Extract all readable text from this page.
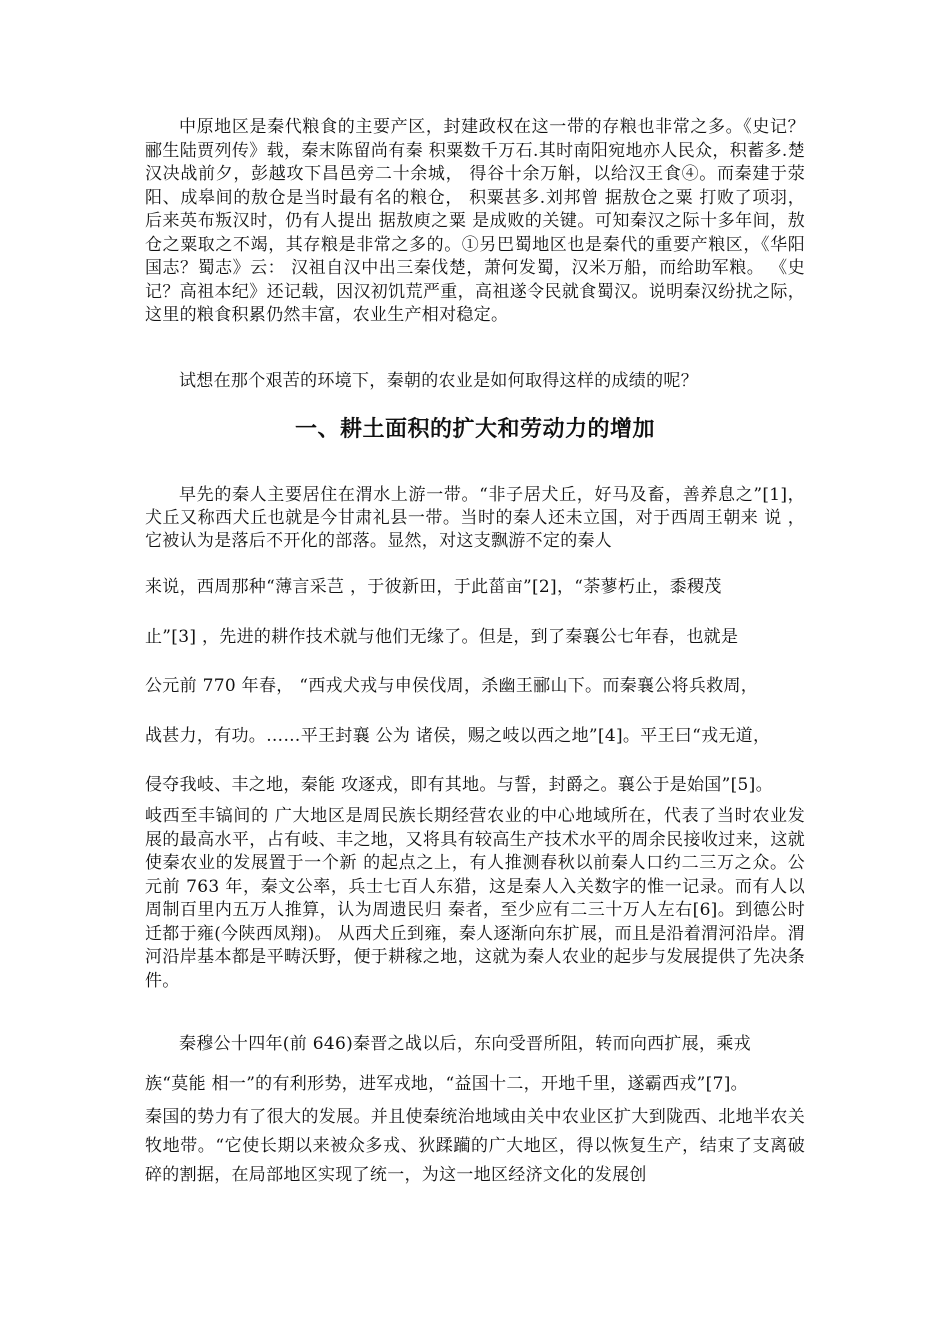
中原地区是秦代粮食的主要产区，封建政权在这一带的存粮也非常之多。《史记？郦生陆贾列传》载，秦末陈留尚有秦 积粟数千万石.其时南阳宛地亦人民众，积蓄多.楚汉决战前夕，彭越攻下昌邑旁二十余城， 得谷十余万斛，以给汉王食④。而秦建于荥阳、成皋间的敖仓是当时最有名的粮仓， 积粟甚多.刘邦曾 据敖仓之粟 打败了项羽，后来英布叛汉时，仍有人提出 据敖庾之粟 是成败的关键。可知秦汉之际十多年间，敖仓之粟取之不竭，其存粮是非常之多的。①另巴蜀地区也是秦代的重要产粮区，《华阳国志？蜀志》云： 汉祖自汉中出三秦伐楚，萧何发蜀，汉米万船，而给助军粮。 《史记？高祖本纪》还记载，因汉初饥荒严重，高祖遂令民就食蜀汉。说明秦汉纷扰之际，这里的粮食积累仍然丰富，农业生产相对稳定。

试想在那个艰苦的环境下，秦朝的农业是如何取得这样的成绩的呢？

一、耕土面积的扩大和劳动力的增加

早先的秦人主要居住在渭水上游一带。“非子居犬丘，好马及畜，善养息之”[1]，犬丘又称西犬丘也就是今甘肃礼县一带。当时的秦人还未立国，对于西周王朝来 说 ，它被认为是落后不开化的部落。显然，对这支飘游不定的秦人

来说，西周那种“薄言采芑 ，于彼新田，于此菑亩”[2]，“荼蓼朽止，黍稷茂
止”[3] ，先进的耕作技术就与他们无缘了。但是，到了秦襄公七年春，也就是
公元前 770 年春， “西戎犬戎与申侯伐周，杀幽王郦山下。而秦襄公将兵救周，
战甚力，有功。……平王封襄 公为 诸侯，赐之岐以西之地”[4]。平王曰“戎无道，
侵夺我岐、丰之地，秦能 攻逐戎，即有其地。与誓，封爵之。襄公于是始国”[5]。

岐西至丰镐间的 广大地区是周民族长期经营农业的中心地域所在，代表了当时农业发展的最高水平，占有岐、丰之地，又将具有较高生产技术水平的周余民接收过来，这就使秦农业的发展置于一个新 的起点之上，有人推测春秋以前秦人口约二三万之众。公元前 763 年，秦文公率，兵士七百人东猎，这是秦人入关数字的惟一记录。而有人以周制百里内五万人推算，认为周遗民归 秦者，至少应有二三十万人左右[6]。到德公时迁都于雍(今陕西凤翔)。 从西犬丘到雍，秦人逐渐向东扩展，而且是沿着渭河沿岸。渭河沿岸基本都是平畴沃野，便于耕稼之地，这就为秦人农业的起步与发展提供了先决条件。

秦穆公十四年(前 646)秦晋之战以后，东向受晋所阻，转而向西扩展，乘戎
族“莫能 相一”的有利形势，进军戎地，“益国十二，开地千里，遂霸西戎”[7]。

秦国的势力有了很大的发展。并且使秦统治地域由关中农业区扩大到陇西、北地半农关牧地带。“它使长期以来被众多戎、狄蹂躏的广大地区，得以恢复生产，结束了支离破碎的割据，在局部地区实现了统一，为这一地区经济文化的发展创
